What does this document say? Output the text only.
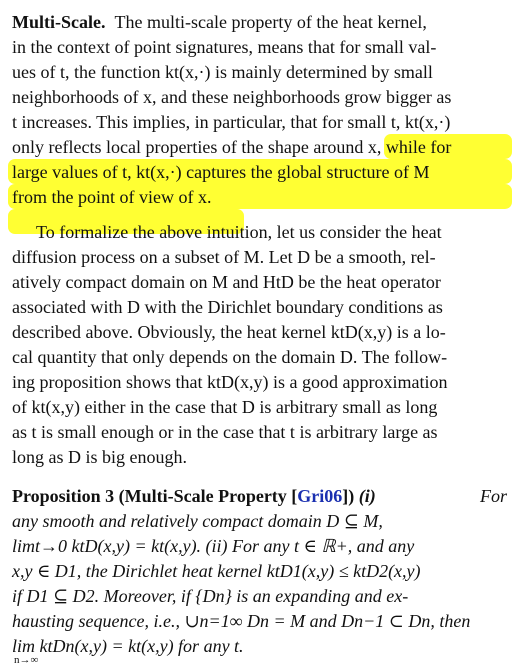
Multi-Scale. The multi-scale property of the heat kernel,
in the context of point signatures, means that for small val-
ues of t, the function kt(x,·) is mainly determined by small
neighborhoods of x, and these neighborhoods grow bigger as
t increases. This implies, in particular, that for small t, kt(x,·)
only reflects local properties of the shape around x, while for
large values of t, kt(x,·) captures the global structure of M
from the point of view of x.
To formalize the above intuition, let us consider the heat
diffusion process on a subset of M. Let D be a smooth, rel-
atively compact domain on M and HtD be the heat operator
associated with D with the Dirichlet boundary conditions as
described above. Obviously, the heat kernel ktD(x,y) is a lo-
cal quantity that only depends on the domain D. The follow-
ing proposition shows that ktD(x,y) is a good approximation
of kt(x,y) either in the case that D is arbitrary small as long
as t is small enough or in the case that t is arbitrary large as
long as D is big enough.
Proposition 3 (Multi-Scale Property [Gri06]) (i)	For
any smooth and relatively compact domain D ⊆ M,
limt→0 ktD(x,y) = kt(x,y). (ii) For any t ∈ ℝ+, and any
x,y ∈ D1, the Dirichlet heat kernel ktD1(x,y) ≤ ktD2(x,y)
if D1 ⊆ D2. Moreover, if {Dn} is an expanding and ex-
hausting sequence, i.e., ∪n=1∞ Dn = M and Dn−1 ⊂ Dn, then
lim ktDn(x,y) = kt(x,y) for any t.
n→∞
